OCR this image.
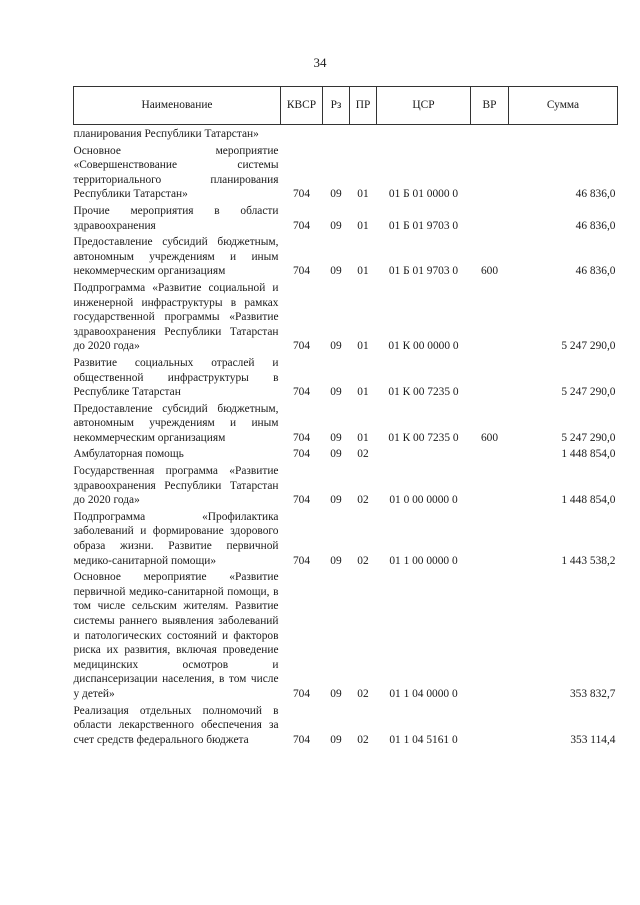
34
Наименование	КВСР	Рз	ПР	ЦСР	ВР	Сумма
планирования Республики Татарстан»						
Основное мероприятие «Совершенствование системы территориального планирования Республики Татарстан»	704	09	01	01 Б 01 0000 0		46 836,0
Прочие мероприятия в области здравоохранения	704	09	01	01 Б 01 9703 0		46 836,0
Предоставление субсидий бюджетным, автономным учреждениям и иным некоммерческим организациям	704	09	01	01 Б 01 9703 0	600	46 836,0
Подпрограмма «Развитие социальной и инженерной инфраструктуры в рамках государственной программы «Развитие здравоохранения Республики Татарстан до 2020 года»	704	09	01	01 К 00 0000 0		5 247 290,0
Развитие социальных отраслей и общественной инфраструктуры в Республике Татарстан	704	09	01	01 К 00 7235 0		5 247 290,0
Предоставление субсидий бюджетным, автономным учреждениям и иным некоммерческим организациям	704	09	01	01 К 00 7235 0	600	5 247 290,0
Амбулаторная помощь	704	09	02			1 448 854,0
Государственная программа «Развитие здравоохранения Республики Татарстан до 2020 года»	704	09	02	01 0 00 0000 0		1 448 854,0
Подпрограмма «Профилактика заболеваний и формирование здорового образа жизни. Развитие первичной медико-санитарной помощи»	704	09	02	01 1 00 0000 0		1 443 538,2
Основное мероприятие «Развитие первичной медико-санитарной помощи, в том числе сельским жителям. Развитие системы раннего выявления заболеваний и патологических состояний и факторов риска их развития, включая проведение медицинских осмотров и диспансеризации населения, в том числе у детей»	704	09	02	01 1 04 0000 0		353 832,7
Реализация отдельных полномочий в области лекарственного обеспечения за счет средств федерального бюджета	704	09	02	01 1 04 5161 0		353 114,4
